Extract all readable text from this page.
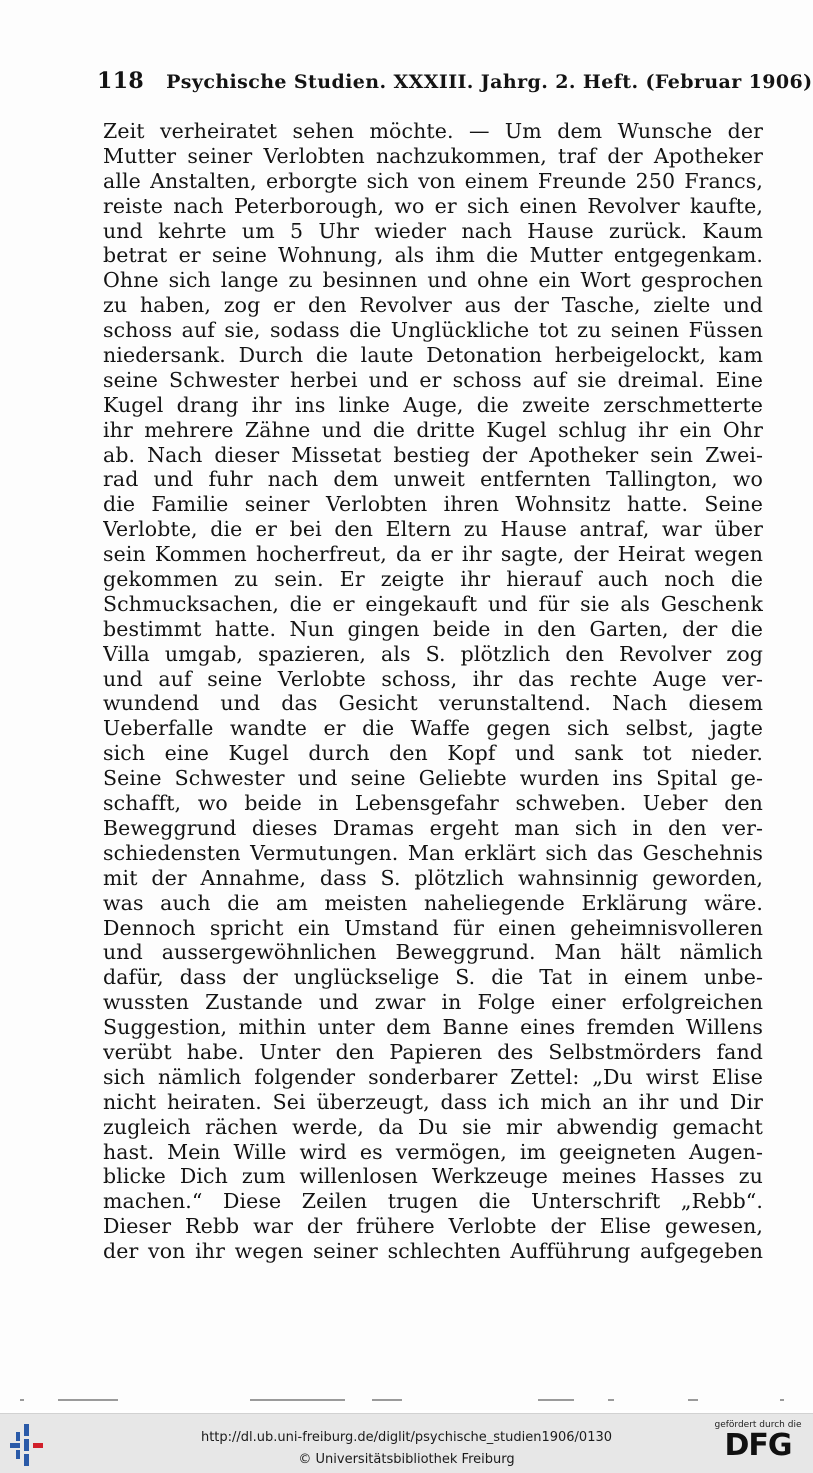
118 Psychische Studien. XXXIII. Jahrg. 2. Heft. (Februar 1906)
Zeit verheiratet sehen möchte. — Um dem Wunsche der
Mutter seiner Verlobten nachzukommen, traf der Apotheker
alle Anstalten, erborgte sich von einem Freunde 250 Francs,
reiste nach Peterborough, wo er sich einen Revolver kaufte,
und kehrte um 5 Uhr wieder nach Hause zurück. Kaum
betrat er seine Wohnung, als ihm die Mutter entgegenkam.
Ohne sich lange zu besinnen und ohne ein Wort gesprochen
zu haben, zog er den Revolver aus der Tasche, zielte und
schoss auf sie, sodass die Unglückliche tot zu seinen Füssen
niedersank. Durch die laute Detonation herbeigelockt, kam
seine Schwester herbei und er schoss auf sie dreimal. Eine
Kugel drang ihr ins linke Auge, die zweite zerschmetterte
ihr mehrere Zähne und die dritte Kugel schlug ihr ein Ohr
ab. Nach dieser Missetat bestieg der Apotheker sein Zwei-
rad und fuhr nach dem unweit entfernten Tallington, wo
die Familie seiner Verlobten ihren Wohnsitz hatte. Seine
Verlobte, die er bei den Eltern zu Hause antraf, war über
sein Kommen hocherfreut, da er ihr sagte, der Heirat wegen
gekommen zu sein. Er zeigte ihr hierauf auch noch die
Schmucksachen, die er eingekauft und für sie als Geschenk
bestimmt hatte. Nun gingen beide in den Garten, der die
Villa umgab, spazieren, als S. plötzlich den Revolver zog
und auf seine Verlobte schoss, ihr das rechte Auge ver-
wundend und das Gesicht verunstaltend. Nach diesem
Ueberfalle wandte er die Waffe gegen sich selbst, jagte
sich eine Kugel durch den Kopf und sank tot nieder.
Seine Schwester und seine Geliebte wurden ins Spital ge-
schafft, wo beide in Lebensgefahr schweben. Ueber den
Beweggrund dieses Dramas ergeht man sich in den ver-
schiedensten Vermutungen. Man erklärt sich das Geschehnis
mit der Annahme, dass S. plötzlich wahnsinnig geworden,
was auch die am meisten naheliegende Erklärung wäre.
Dennoch spricht ein Umstand für einen geheimnisvolleren
und aussergewöhnlichen Beweggrund. Man hält nämlich
dafür, dass der unglückselige S. die Tat in einem unbe-
wussten Zustande und zwar in Folge einer erfolgreichen
Suggestion, mithin unter dem Banne eines fremden Willens
verübt habe. Unter den Papieren des Selbstmörders fand
sich nämlich folgender sonderbarer Zettel: „Du wirst Elise
nicht heiraten. Sei überzeugt, dass ich mich an ihr und Dir
zugleich rächen werde, da Du sie mir abwendig gemacht
hast. Mein Wille wird es vermögen, im geeigneten Augen-
blicke Dich zum willenlosen Werkzeuge meines Hasses zu
machen.“ Diese Zeilen trugen die Unterschrift „Rebb“.
Dieser Rebb war der frühere Verlobte der Elise gewesen,
der von ihr wegen seiner schlechten Aufführung aufgegeben
http://dl.ub.uni-freiburg.de/diglit/psychische_studien1906/0130
© Universitätsbibliothek Freiburg
gefördert durch die
DFG
